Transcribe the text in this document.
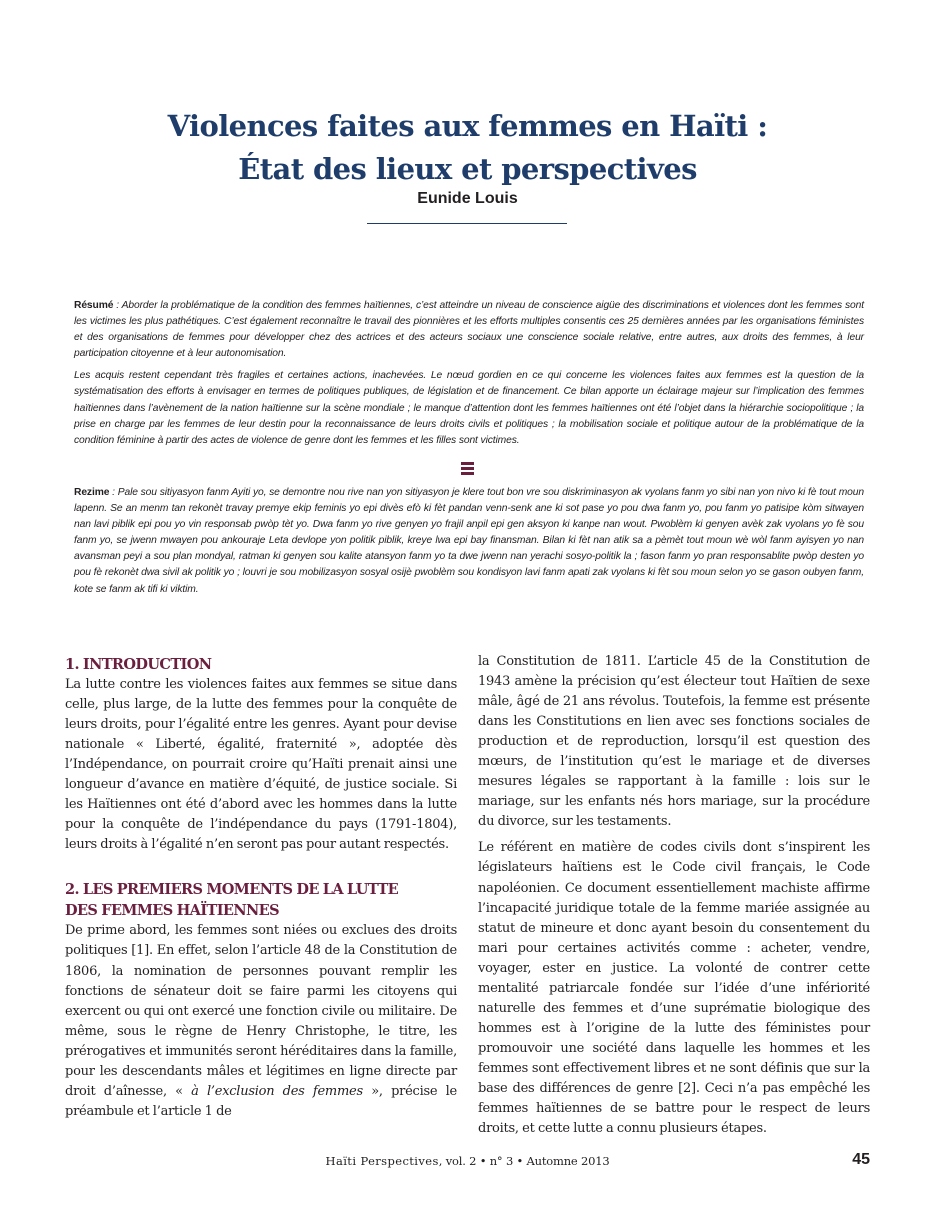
Violences faites aux femmes en Haïti :
État des lieux et perspectives
Eunide Louis

Résumé : Aborder la problématique de la condition des femmes haïtiennes, c’est atteindre un niveau de conscience aigüe des discriminations et violences dont les femmes sont les victimes les plus pathétiques. C’est également reconnaître le travail des pionnières et les efforts multiples consentis ces 25 dernières années par les organisations féministes et des organisations de femmes pour développer chez des actrices et des acteurs sociaux une conscience sociale relative, entre autres, aux droits des femmes, à leur participation citoyenne et à leur autonomisation.

Les acquis restent cependant très fragiles et certaines actions, inachevées. Le nœud gordien en ce qui concerne les violences faites aux femmes est la question de la systématisation des efforts à envisager en termes de politiques publiques, de législation et de financement. Ce bilan apporte un éclairage majeur sur l’implication des femmes haïtiennes dans l’avènement de la nation haïtienne sur la scène mondiale ; le manque d’attention dont les femmes haïtiennes ont été l’objet dans la hiérarchie sociopolitique ; la prise en charge par les femmes de leur destin pour la reconnaissance de leurs droits civils et politiques ; la mobilisation sociale et politique autour de la problématique de la condition féminine à partir des actes de violence de genre dont les femmes et les filles sont victimes.

Rezime : Pale sou sitiyasyon fanm Ayiti yo, se demontre nou rive nan yon sitiyasyon je klere tout bon vre sou diskriminasyon ak vyolans fanm yo sibi nan yon nivo ki fè tout moun lapenn. Se an menm tan rekonèt travay premye ekip feminis yo epi divès efò ki fèt pandan venn-senk ane ki sot pase yo pou dwa fanm yo, pou fanm yo patisipe kòm sitwayen nan lavi piblik epi pou yo vin responsab pwòp tèt yo. Dwa fanm yo rive genyen yo frajil anpil epi gen aksyon ki kanpe nan wout. Pwoblèm ki genyen avèk zak vyolans yo fè sou fanm yo, se jwenn mwayen pou ankouraje Leta devlope yon politik piblik, kreye lwa epi bay finansman. Bilan ki fèt nan atik sa a pèmèt tout moun wè wòl fanm ayisyen yo nan avansman peyi a sou plan mondyal, ratman ki genyen sou kalite atansyon fanm yo ta dwe jwenn nan yerachi sosyo-politik la ; fason fanm yo pran responsablite pwòp desten yo pou fè rekonèt dwa sivil ak politik yo ; louvri je sou mobilizasyon sosyal osijè pwoblèm sou kondisyon lavi fanm apati zak vyolans ki fèt sou moun selon yo se gason oubyen fanm, kote se fanm ak tifi ki viktim.

1. INTRODUCTION

La lutte contre les violences faites aux femmes se situe dans celle, plus large, de la lutte des femmes pour la conquête de leurs droits, pour l’égalité entre les genres. Ayant pour devise nationale « Liberté, égalité, fraternité », adoptée dès l’Indépendance, on pourrait croire qu’Haïti prenait ainsi une longueur d’avance en matière d’équité, de justice sociale. Si les Haïtiennes ont été d’abord avec les hommes dans la lutte pour la conquête de l’indépendance du pays (1791-1804), leurs droits à l’égalité n’en seront pas pour autant respectés.

2. LES PREMIERS MOMENTS DE LA LUTTE
DES FEMMES HAÏTIENNES

De prime abord, les femmes sont niées ou exclues des droits politiques [1]. En effet, selon l’article 48 de la Constitution de 1806, la nomination de personnes pouvant remplir les fonctions de sénateur doit se faire parmi les citoyens qui exercent ou qui ont exercé une fonction civile ou militaire. De même, sous le règne de Henry Christophe, le titre, les prérogatives et immunités seront héréditaires dans la famille, pour les descendants mâles et légitimes en ligne directe par droit d’aînesse, « à l’exclusion des femmes », précise le préambule et l’article 1 de

la Constitution de 1811. L’article 45 de la Constitution de 1943 amène la précision qu’est électeur tout Haïtien de sexe mâle, âgé de 21 ans révolus. Toutefois, la femme est présente dans les Constitutions en lien avec ses fonctions sociales de production et de reproduction, lorsqu’il est question des mœurs, de l’institution qu’est le mariage et de diverses mesures légales se rapportant à la famille : lois sur le mariage, sur les enfants nés hors mariage, sur la procédure du divorce, sur les testaments.

Le référent en matière de codes civils dont s’inspirent les législateurs haïtiens est le Code civil français, le Code napoléonien. Ce document essentiellement machiste affirme l’incapacité juridique totale de la femme mariée assignée au statut de mineure et donc ayant besoin du consentement du mari pour certaines activités comme : acheter, vendre, voyager, ester en justice. La volonté de contrer cette mentalité patriarcale fondée sur l’idée d’une infériorité naturelle des femmes et d’une suprématie biologique des hommes est à l’origine de la lutte des féministes pour promouvoir une société dans laquelle les hommes et les femmes sont effectivement libres et ne sont définis que sur la base des différences de genre [2]. Ceci n’a pas empêché les femmes haïtiennes de se battre pour le respect de leurs droits, et cette lutte a connu plusieurs étapes.

Haïti Perspectives, vol. 2 • n° 3 • Automne 2013	45
